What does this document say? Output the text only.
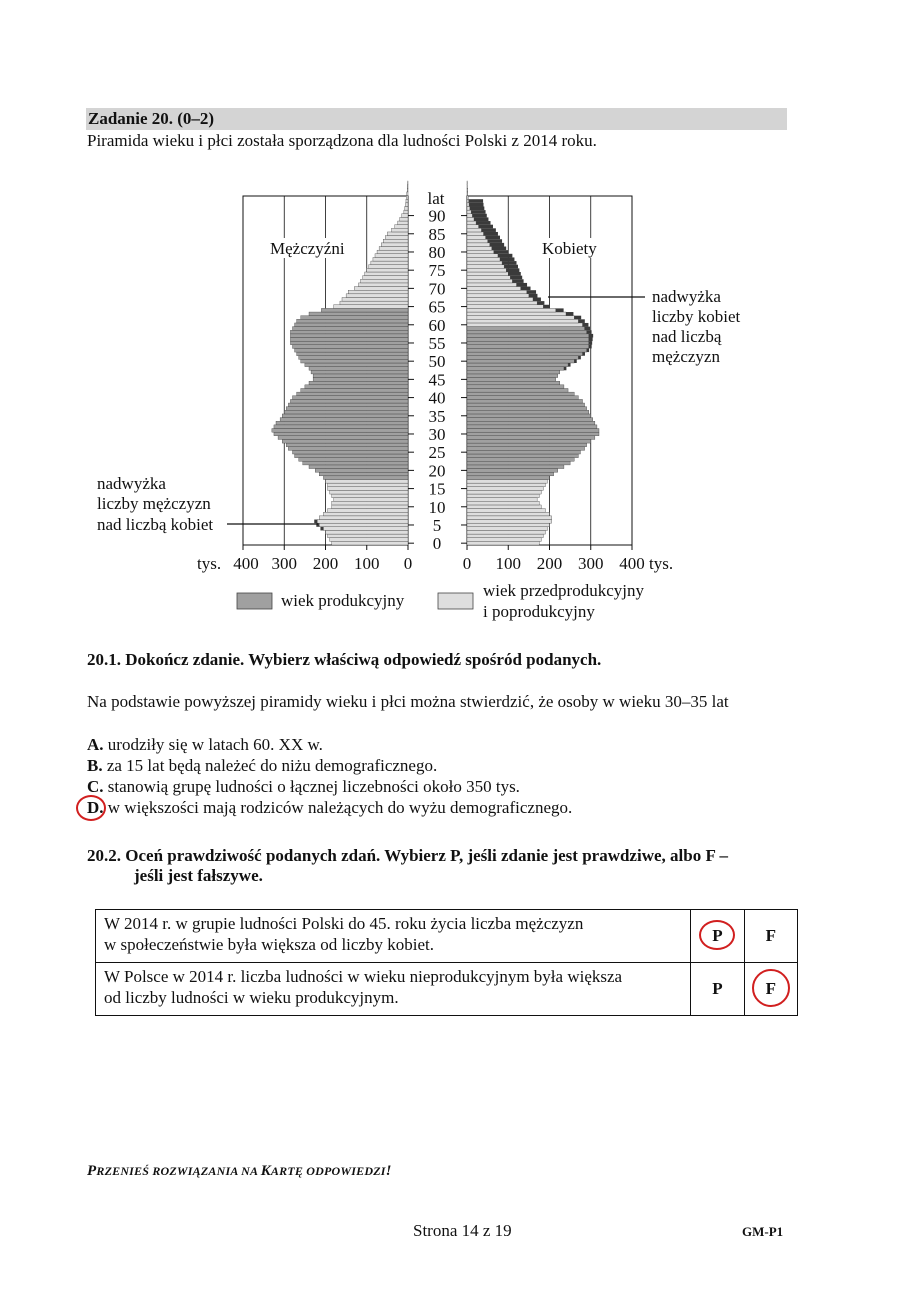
Zadanie 20. (0–2)
Piramida wieku i płci została sporządzona dla ludności Polski z 2014 roku.
lat
0
5
10
15
20
25
30
35
40
45
50
55
60
65
70
75
80
85
90
400 300 200 100 0	0 100 200 300 400
tys.	tys.
Mężczyźni	Kobiety
nadwyżka
liczby kobiet
nad liczbą
mężczyzn
nadwyżka
liczby mężczyzn
nad liczbą kobiet
wiek produkcyjny
wiek przedprodukcyjny
i poprodukcyjny
20.1. Dokończ zdanie. Wybierz właściwą odpowiedź spośród podanych.
Na podstawie powyższej piramidy wieku i płci można stwierdzić, że osoby w wieku 30–35 lat
A. urodziły się w latach 60. XX w.
B. za 15 lat będą należeć do niżu demograficznego.
C. stanowią grupę ludności o łącznej liczebności około 350 tys.
D. w większości mają rodziców należących do wyżu demograficznego.
20.2. Oceń prawdziwość podanych zdań. Wybierz P, jeśli zdanie jest prawdziwe, albo F –
jeśli jest fałszywe.
W 2014 r. w grupie ludności Polski do 45. roku życia liczba mężczyzn
w społeczeństwie była większa od liczby kobiet.	P	F

W Polsce w 2014 r. liczba ludności w wieku nieprodukcyjnym była większa
od liczby ludności w wieku produkcyjnym.	P	F
PRZENIEŚ ROZWIĄZANIA NA KARTĘ ODPOWIEDZI!
Strona 14 z 19	GM-P1
